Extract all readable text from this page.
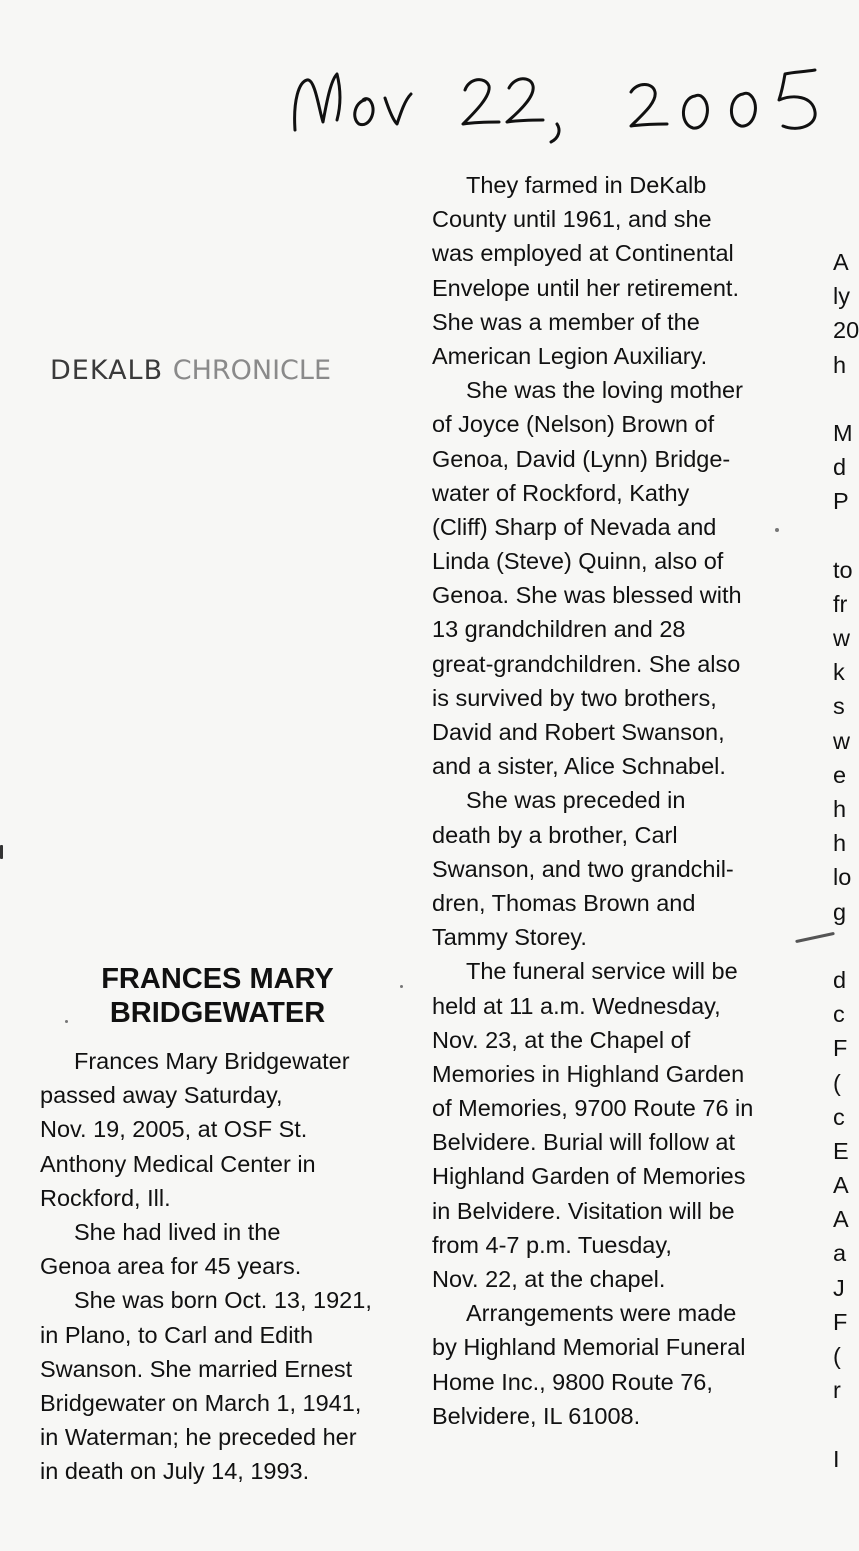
DEKALB CHRONICLE
FRANCES MARY
BRIDGEWATER
Frances Mary Bridgewater
passed away Saturday,
Nov. 19, 2005, at OSF St.
Anthony Medical Center in
Rockford, Ill.
She had lived in the
Genoa area for 45 years.
She was born Oct. 13, 1921,
in Plano, to Carl and Edith
Swanson. She married Ernest
Bridgewater on March 1, 1941,
in Waterman; he preceded her
in death on July 14, 1993.
They farmed in DeKalb
County until 1961, and she
was employed at Continental
Envelope until her retirement.
She was a member of the
American Legion Auxiliary.
She was the loving mother
of Joyce (Nelson) Brown of
Genoa, David (Lynn) Bridge-
water of Rockford, Kathy
(Cliff) Sharp of Nevada and
Linda (Steve) Quinn, also of
Genoa. She was blessed with
13 grandchildren and 28
great-grandchildren. She also
is survived by two brothers,
David and Robert Swanson,
and a sister, Alice Schnabel.
She was preceded in
death by a brother, Carl
Swanson, and two grandchil-
dren, Thomas Brown and
Tammy Storey.
The funeral service will be
held at 11 a.m. Wednesday,
Nov. 23, at the Chapel of
Memories in Highland Garden
of Memories, 9700 Route 76 in
Belvidere. Burial will follow at
Highland Garden of Memories
in Belvidere. Visitation will be
from 4-7 p.m. Tuesday,
Nov. 22, at the chapel.
Arrangements were made
by Highland Memorial Funeral
Home Inc., 9800 Route 76,
Belvidere, IL 61008.
A
ly
20
h
M
d
P
to
fr
w
k
s
w
e
h
h
lo
g
d
c
F
(
c
E
A
A
a
J
F
(
r
I
